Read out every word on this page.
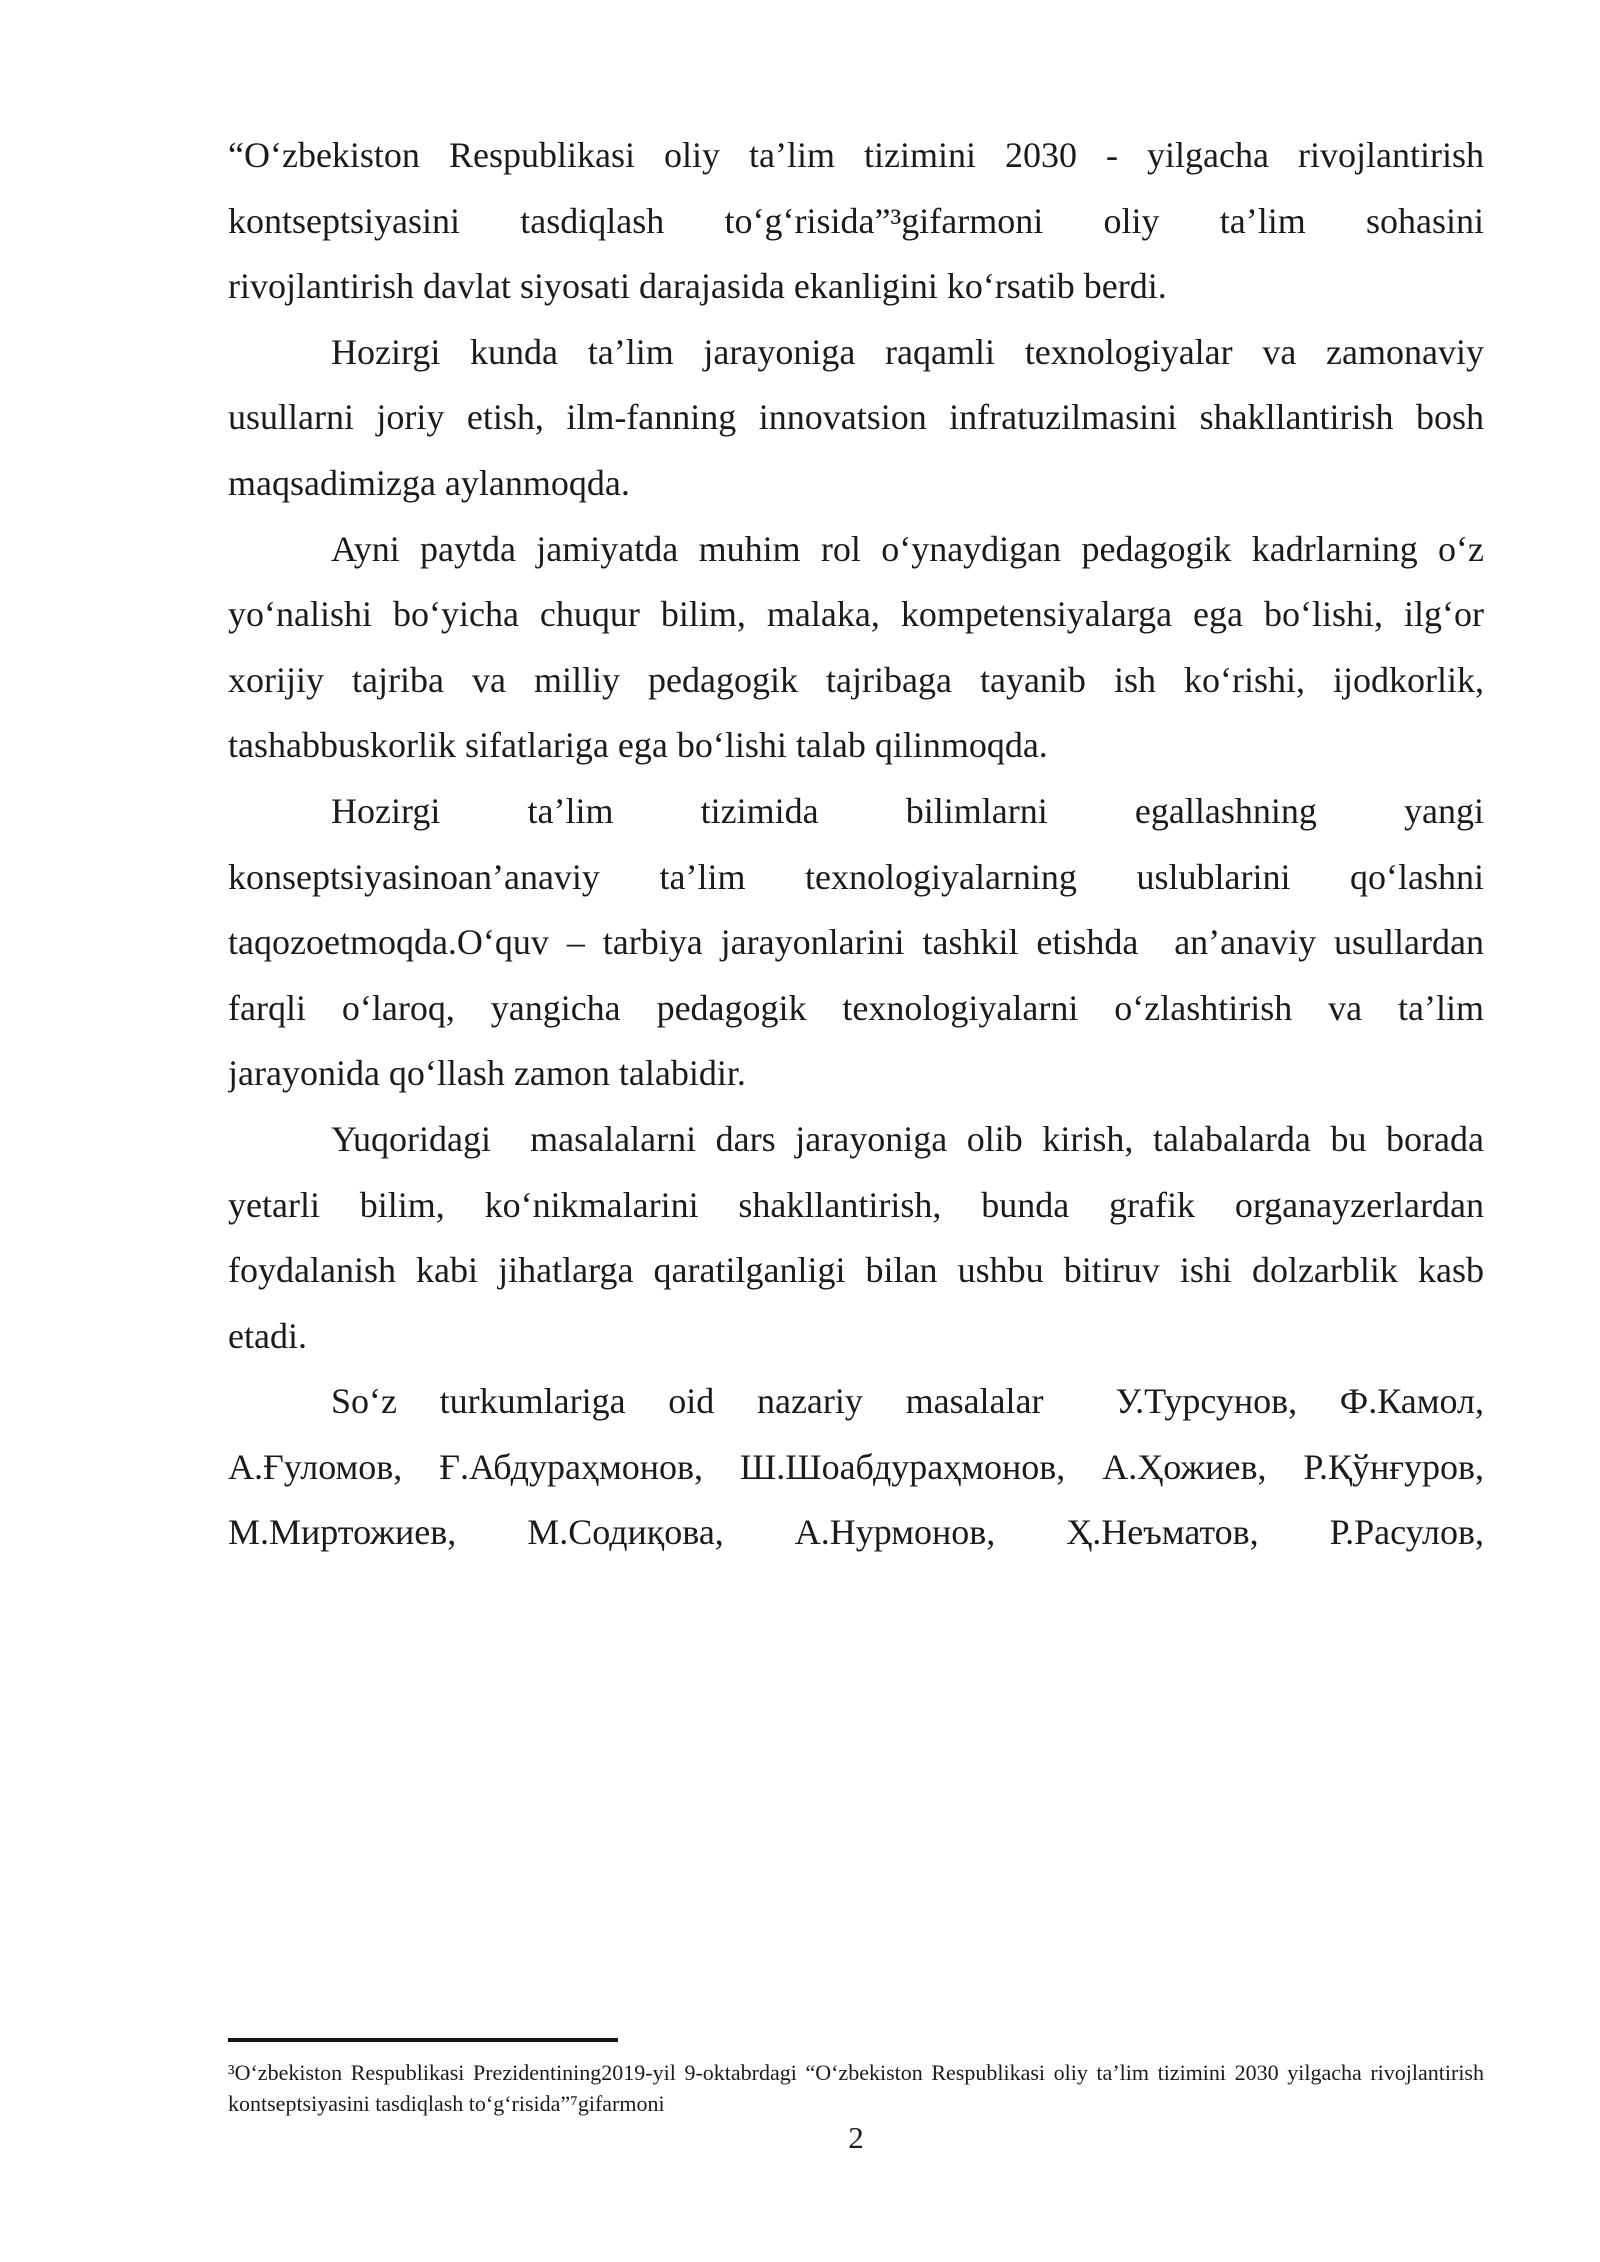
“O‘zbekiston Respublikasi oliy ta’lim tizimini 2030 - yilgacha rivojlantirish
kontseptsiyasini tasdiqlash to‘g‘risida”³gifarmoni oliy ta’lim sohasini
rivojlantirish davlat siyosati darajasida ekanligini ko‘rsatib berdi.
Hozirgi kunda ta’lim jarayoniga raqamli texnologiyalar va zamonaviy
usullarni joriy etish, ilm-fanning innovatsion infratuzilmasini shakllantirish bosh
maqsadimizga aylanmoqda.
Ayni paytda jamiyatda muhim rol o‘ynaydigan pedagogik kadrlarning o‘z
yo‘nalishi bo‘yicha chuqur bilim, malaka, kompetensiyalarga ega bo‘lishi, ilg‘or
xorijiy tajriba va milliy pedagogik tajribaga tayanib ish ko‘rishi, ijodkorlik,
tashabbuskorlik sifatlariga ega bo‘lishi talab qilinmoqda.
Hozirgi ta’lim tizimida bilimlarni egallashning yangi
konseptsiyasinoan’anaviy ta’lim texnologiyalarning uslublarini qo‘lashni
taqozoetmoqda.O‘quv – tarbiya jarayonlarini tashkil etishda  an’anaviy usullardan
farqli o‘laroq, yangicha pedagogik texnologiyalarni o‘zlashtirish va ta’lim
jarayonida qo‘llash zamon talabidir.
Yuqoridagi  masalalarni dars jarayoniga olib kirish, talabalarda bu borada
yetarli bilim, ko‘nikmalarini shakllantirish, bunda grafik organayzerlardan
foydalanish kabi jihatlarga qaratilganligi bilan ushbu bitiruv ishi dolzarblik kasb
etadi.
So‘z turkumlariga oid nazariy masalalar  У.Турсунов, Ф.Камол,
А.Ғуломов, Ғ.Абдураҳмонов, Ш.Шоабдураҳмонов, А.Ҳожиев, Р.Қўнғуров,
М.Миртожиев, М.Содиқова, А.Нурмонов, Ҳ.Неъматов, Р.Расулов,
³O‘zbekiston Respublikasi Prezidentining2019-yil 9-oktabrdagi “O‘zbekiston Respublikasi oliy ta’lim tizimini 2030 yilgacha rivojlantirish
kontseptsiyasini tasdiqlash to‘g‘risida”⁷gifarmoni
2
